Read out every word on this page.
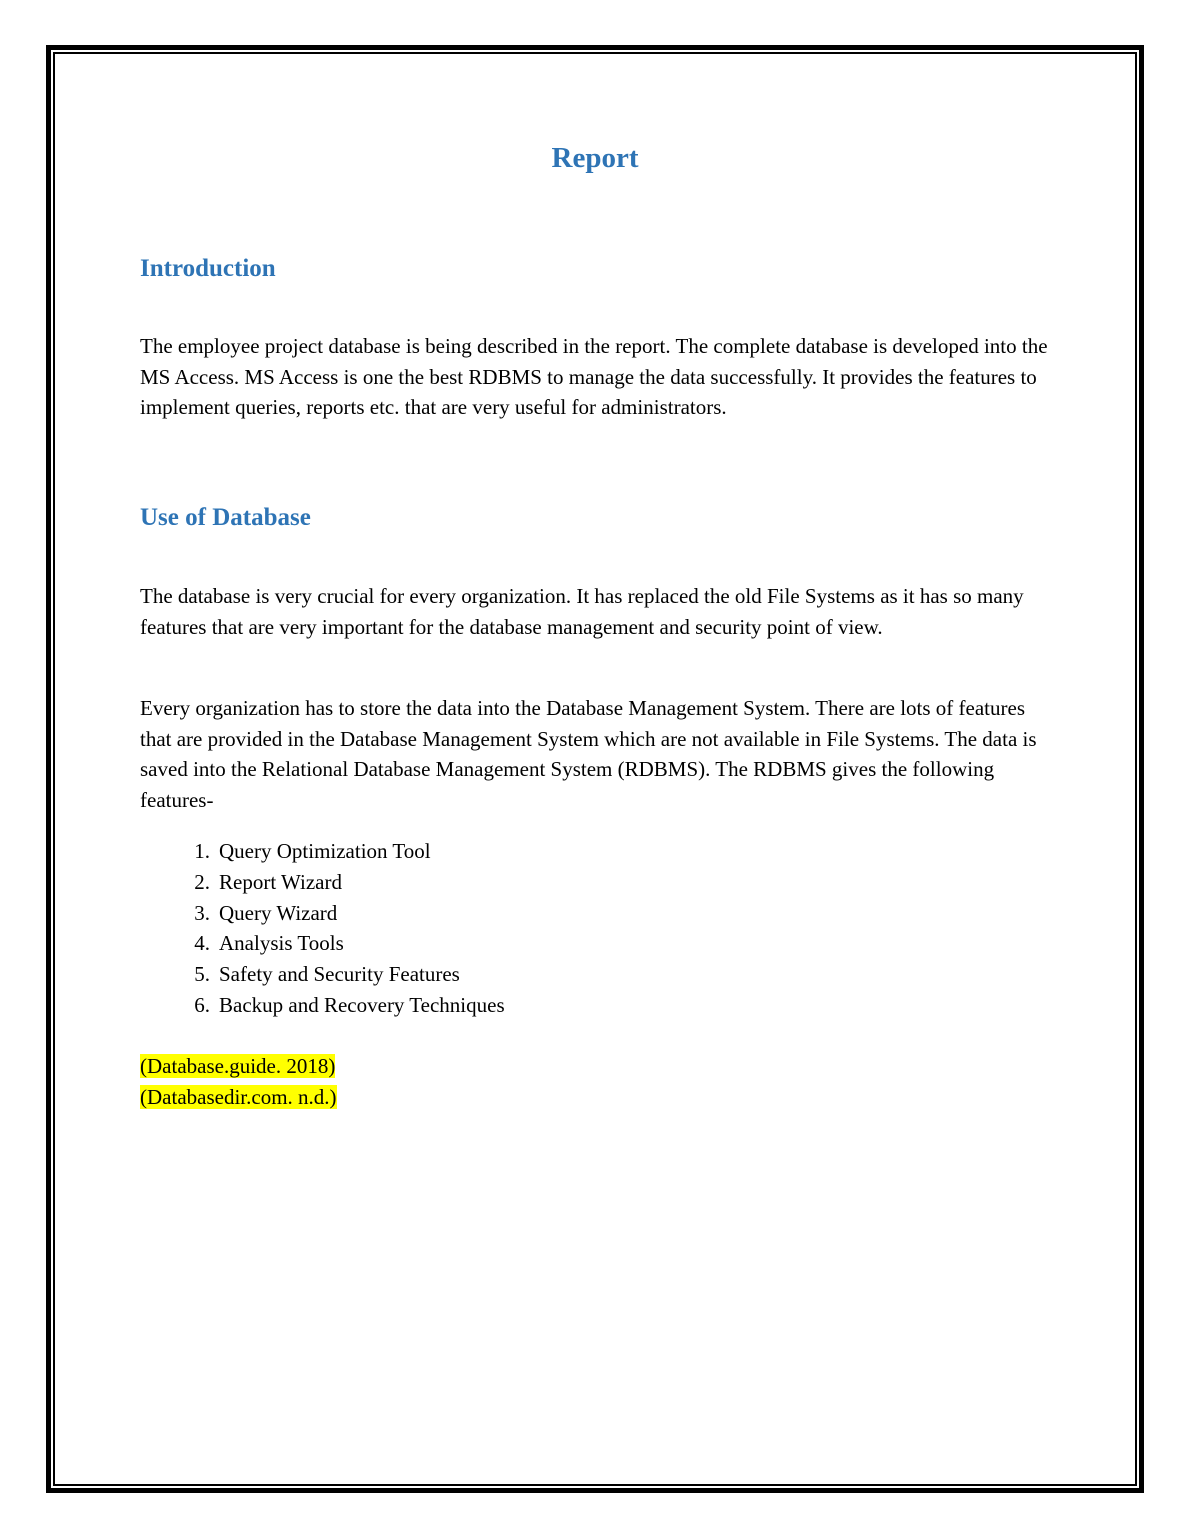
Report
Introduction

The employee project database is being described in the report. The complete database is developed into the MS Access. MS Access is one the best RDBMS to manage the data successfully. It provides the features to implement queries, reports etc. that are very useful for administrators.

Use of Database

The database is very crucial for every organization. It has replaced the old File Systems as it has so many features that are very important for the database management and security point of view.

Every organization has to store the data into the Database Management System. There are lots of features that are provided in the Database Management System which are not available in File Systems. The data is saved into the Relational Database Management System (RDBMS). The RDBMS gives the following features-

1. Query Optimization Tool
2. Report Wizard
3. Query Wizard
4. Analysis Tools
5. Safety and Security Features
6. Backup and Recovery Techniques
(Database.guide. 2018)
(Databasedir.com. n.d.)
